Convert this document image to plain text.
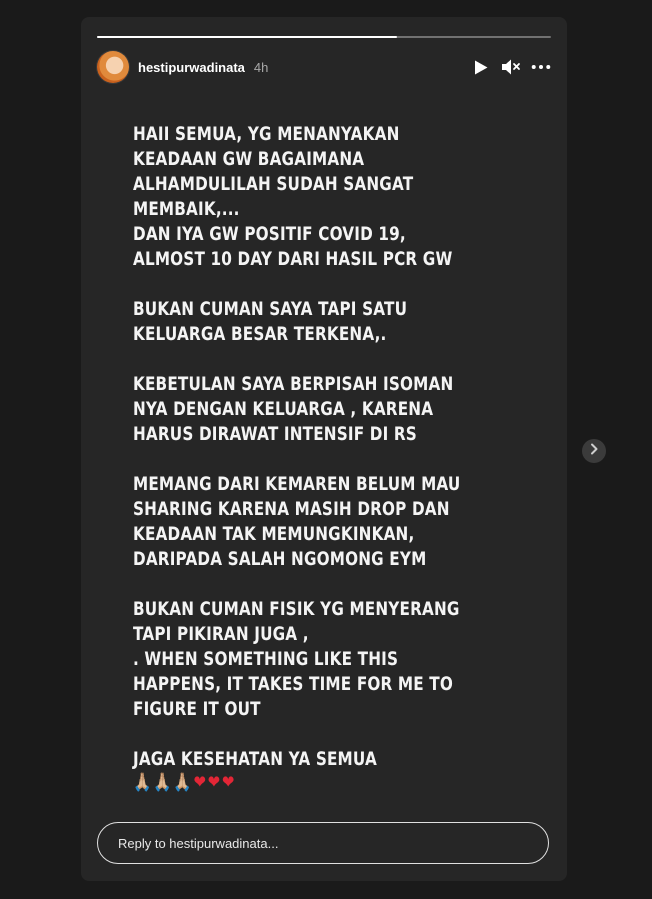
hestipurwadinata 4h
HAII SEMUA, YG MENANYAKAN
KEADAAN GW BAGAIMANA
ALHAMDULILAH SUDAH SANGAT
MEMBAIK,...
DAN IYA GW POSITIF COVID 19,
ALMOST 10 DAY DARI HASIL PCR GW
BUKAN CUMAN SAYA TAPI SATU
KELUARGA BESAR TERKENA,.
KEBETULAN SAYA BERPISAH ISOMAN
NYA DENGAN KELUARGA , KARENA
HARUS DIRAWAT INTENSIF DI RS
MEMANG DARI KEMAREN BELUM MAU
SHARING KARENA MASIH DROP DAN
KEADAAN TAK MEMUNGKINKAN,
DARIPADA SALAH NGOMONG EYM
BUKAN CUMAN FISIK YG MENYERANG
TAPI PIKIRAN JUGA ,
. WHEN SOMETHING LIKE THIS
HAPPENS, IT TAKES TIME FOR ME TO
FIGURE IT OUT
JAGA KESEHATAN YA SEMUA
🙏🏼 🙏🏼 🙏🏼 ❤ ❤ ❤
Reply to hestipurwadinata...
